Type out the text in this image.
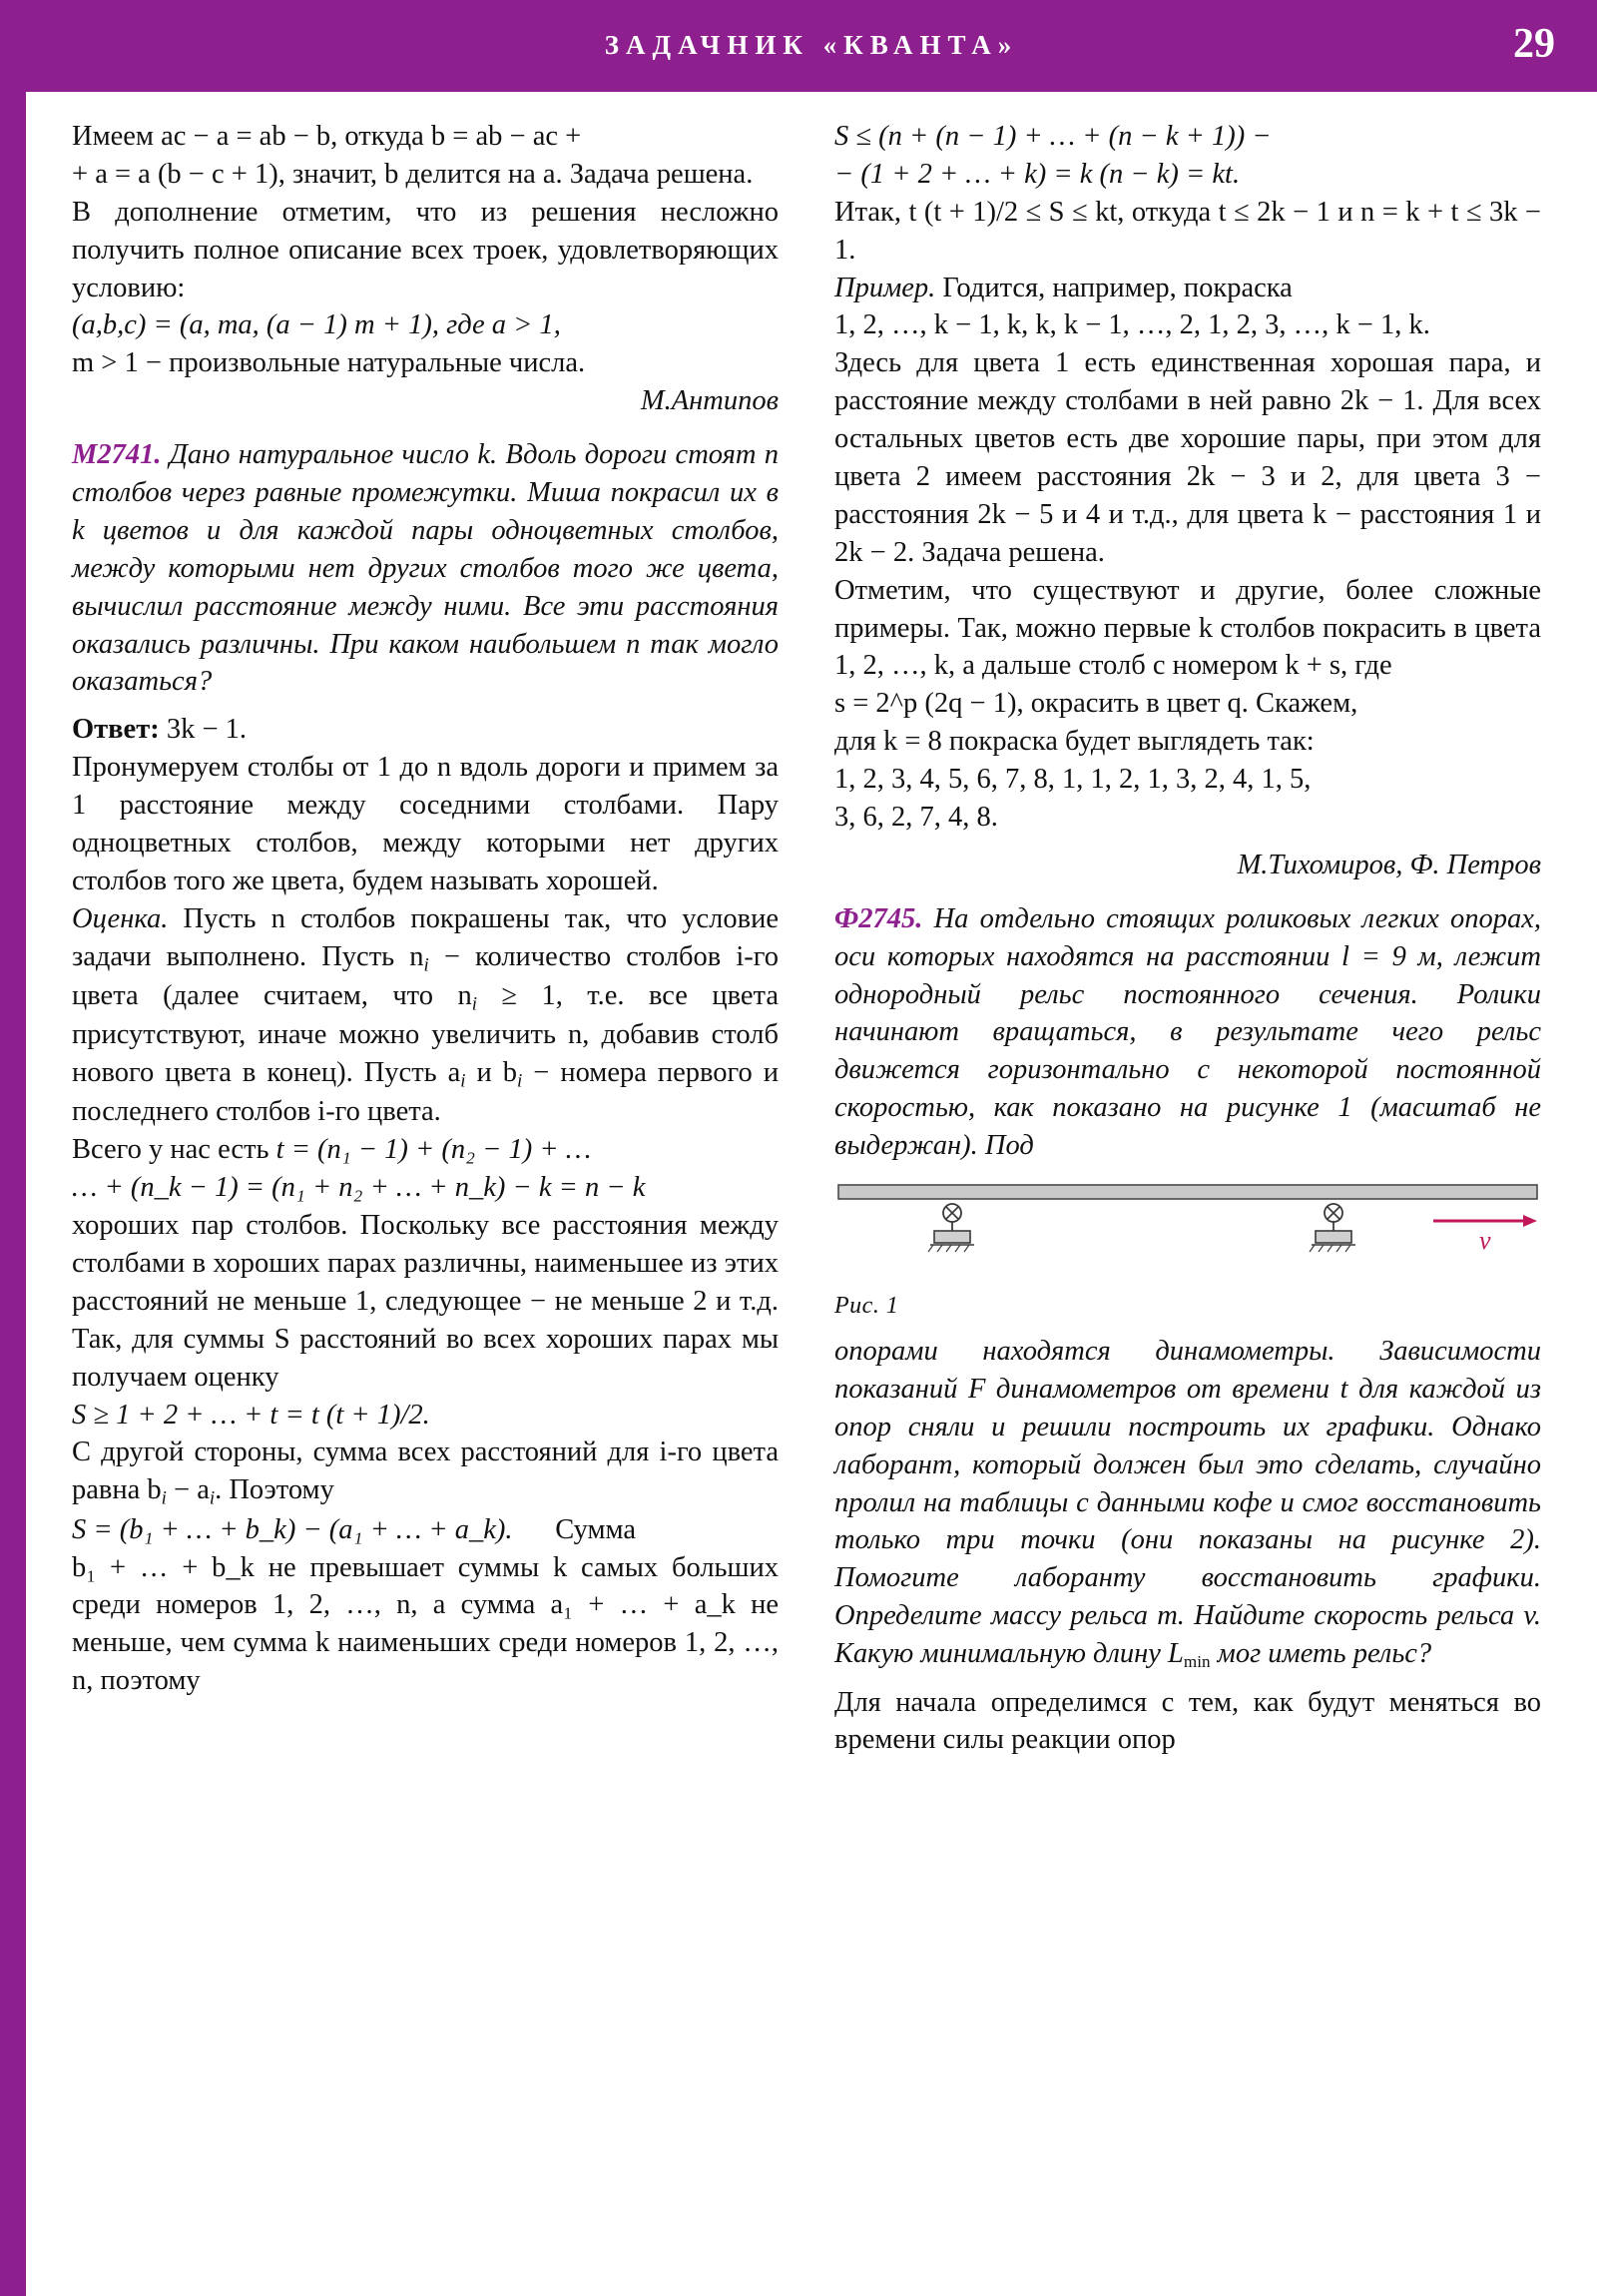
ЗАДАЧНИК «КВАНТА»	29

Имеем ac − a = ab − b, откуда b = ab − ac +

+ a = a (b − c + 1), значит, b делится на a. Задача решена.

В дополнение отметим, что из решения несложно получить полное описание всех троек, удовлетворяющих условию:

(a,b,c) = (a, ma, (a − 1) m + 1), где a > 1,

m > 1 − произвольные натуральные числа.

М.Антипов

М2741. Дано натуральное число k. Вдоль дороги стоят n столбов через равные промежутки. Миша покрасил их в k цветов и для каждой пары одноцветных столбов, между которыми нет других столбов того же цвета, вычислил расстояние между ними. Все эти расстояния оказались различны. При каком наибольшем n так могло оказаться?

Ответ: 3k − 1.

Пронумеруем столбы от 1 до n вдоль дороги и примем за 1 расстояние между соседними столбами. Пару одноцветных столбов, между которыми нет других столбов того же цвета, будем называть хорошей.

Оценка. Пусть n столбов покрашены так, что условие задачи выполнено. Пусть $n_i$ − количество столбов i-го цвета (далее считаем, что $n_i \ge 1$, т.е. все цвета присутствуют, иначе можно увеличить n, добавив столб нового цвета в конец). Пусть $a_i$ и $b_i$ − номера первого и последнего столбов i-го цвета.

Всего у нас есть t = (n₁ − 1) + (n₂ − 1) + …

… + (n_k − 1) = (n₁ + n₂ + … + n_k) − k = n − k

хороших пар столбов. Поскольку все расстояния между столбами в хороших парах различны, наименьшее из этих расстояний не меньше 1, следующее − не меньше 2 и т.д. Так, для суммы S расстояний во всех хороших парах мы получаем оценку

S ≥ 1 + 2 + … + t = t (t + 1)/2.

С другой стороны, сумма всех расстояний для i-го цвета равна $b_i - a_i$. Поэтому

S = (b₁ + … + b_k) − (a₁ + … + a_k). Сумма

b₁ + … + b_k не превышает суммы k самых больших среди номеров 1, 2, …, n, а сумма a₁ + … + a_k не меньше, чем сумма k наименьших среди номеров 1, 2, …, n, поэтому

S ≤ (n + (n − 1) + … + (n − k + 1)) −

− (1 + 2 + … + k) = k (n − k) = kt.

Итак, t (t + 1)/2 ≤ S ≤ kt, откуда t ≤ 2k − 1 и n = k + t ≤ 3k − 1.

Пример. Годится, например, покраска

1, 2, …, k − 1, k, k, k − 1, …, 2, 1, 2, 3, …, k − 1, k.

Здесь для цвета 1 есть единственная хорошая пара, и расстояние между столбами в ней равно 2k − 1. Для всех остальных цветов есть две хорошие пары, при этом для цвета 2 имеем расстояния 2k − 3 и 2, для цвета 3 − расстояния 2k − 5 и 4 и т.д., для цвета k − расстояния 1 и 2k − 2. Задача решена.

Отметим, что существуют и другие, более сложные примеры. Так, можно первые k столбов покрасить в цвета 1, 2, …, k, а дальше столб с номером k + s, где

s = 2^p (2q − 1), окрасить в цвет q. Скажем,

для k = 8 покраска будет выглядеть так:

1, 2, 3, 4, 5, 6, 7, 8, 1, 1, 2, 1, 3, 2, 4, 1, 5,

3, 6, 2, 7, 4, 8.

М.Тихомиров, Ф. Петров

Ф2745. На отдельно стоящих роликовых легких опорах, оси которых находятся на расстоянии l = 9 м, лежит однородный рельс постоянного сечения. Ролики начинают вращаться, в результате чего рельс движется горизонтально с некоторой постоянной скоростью, как показано на рисунке 1 (масштаб не выдержан). Под

v
Рис. 1

опорами находятся динамометры. Зависимости показаний F динамометров от времени t для каждой из опор сняли и решили построить их графики. Однако лаборант, который должен был это сделать, случайно пролил на таблицы с данными кофе и смог восстановить только три точки (они показаны на рисунке 2). Помогите лаборанту восстановить графики. Определите массу рельса m. Найдите скорость рельса v. Какую минимальную длину Lmin мог иметь рельс?

Для начала определимся с тем, как будут меняться во времени силы реакции опор
